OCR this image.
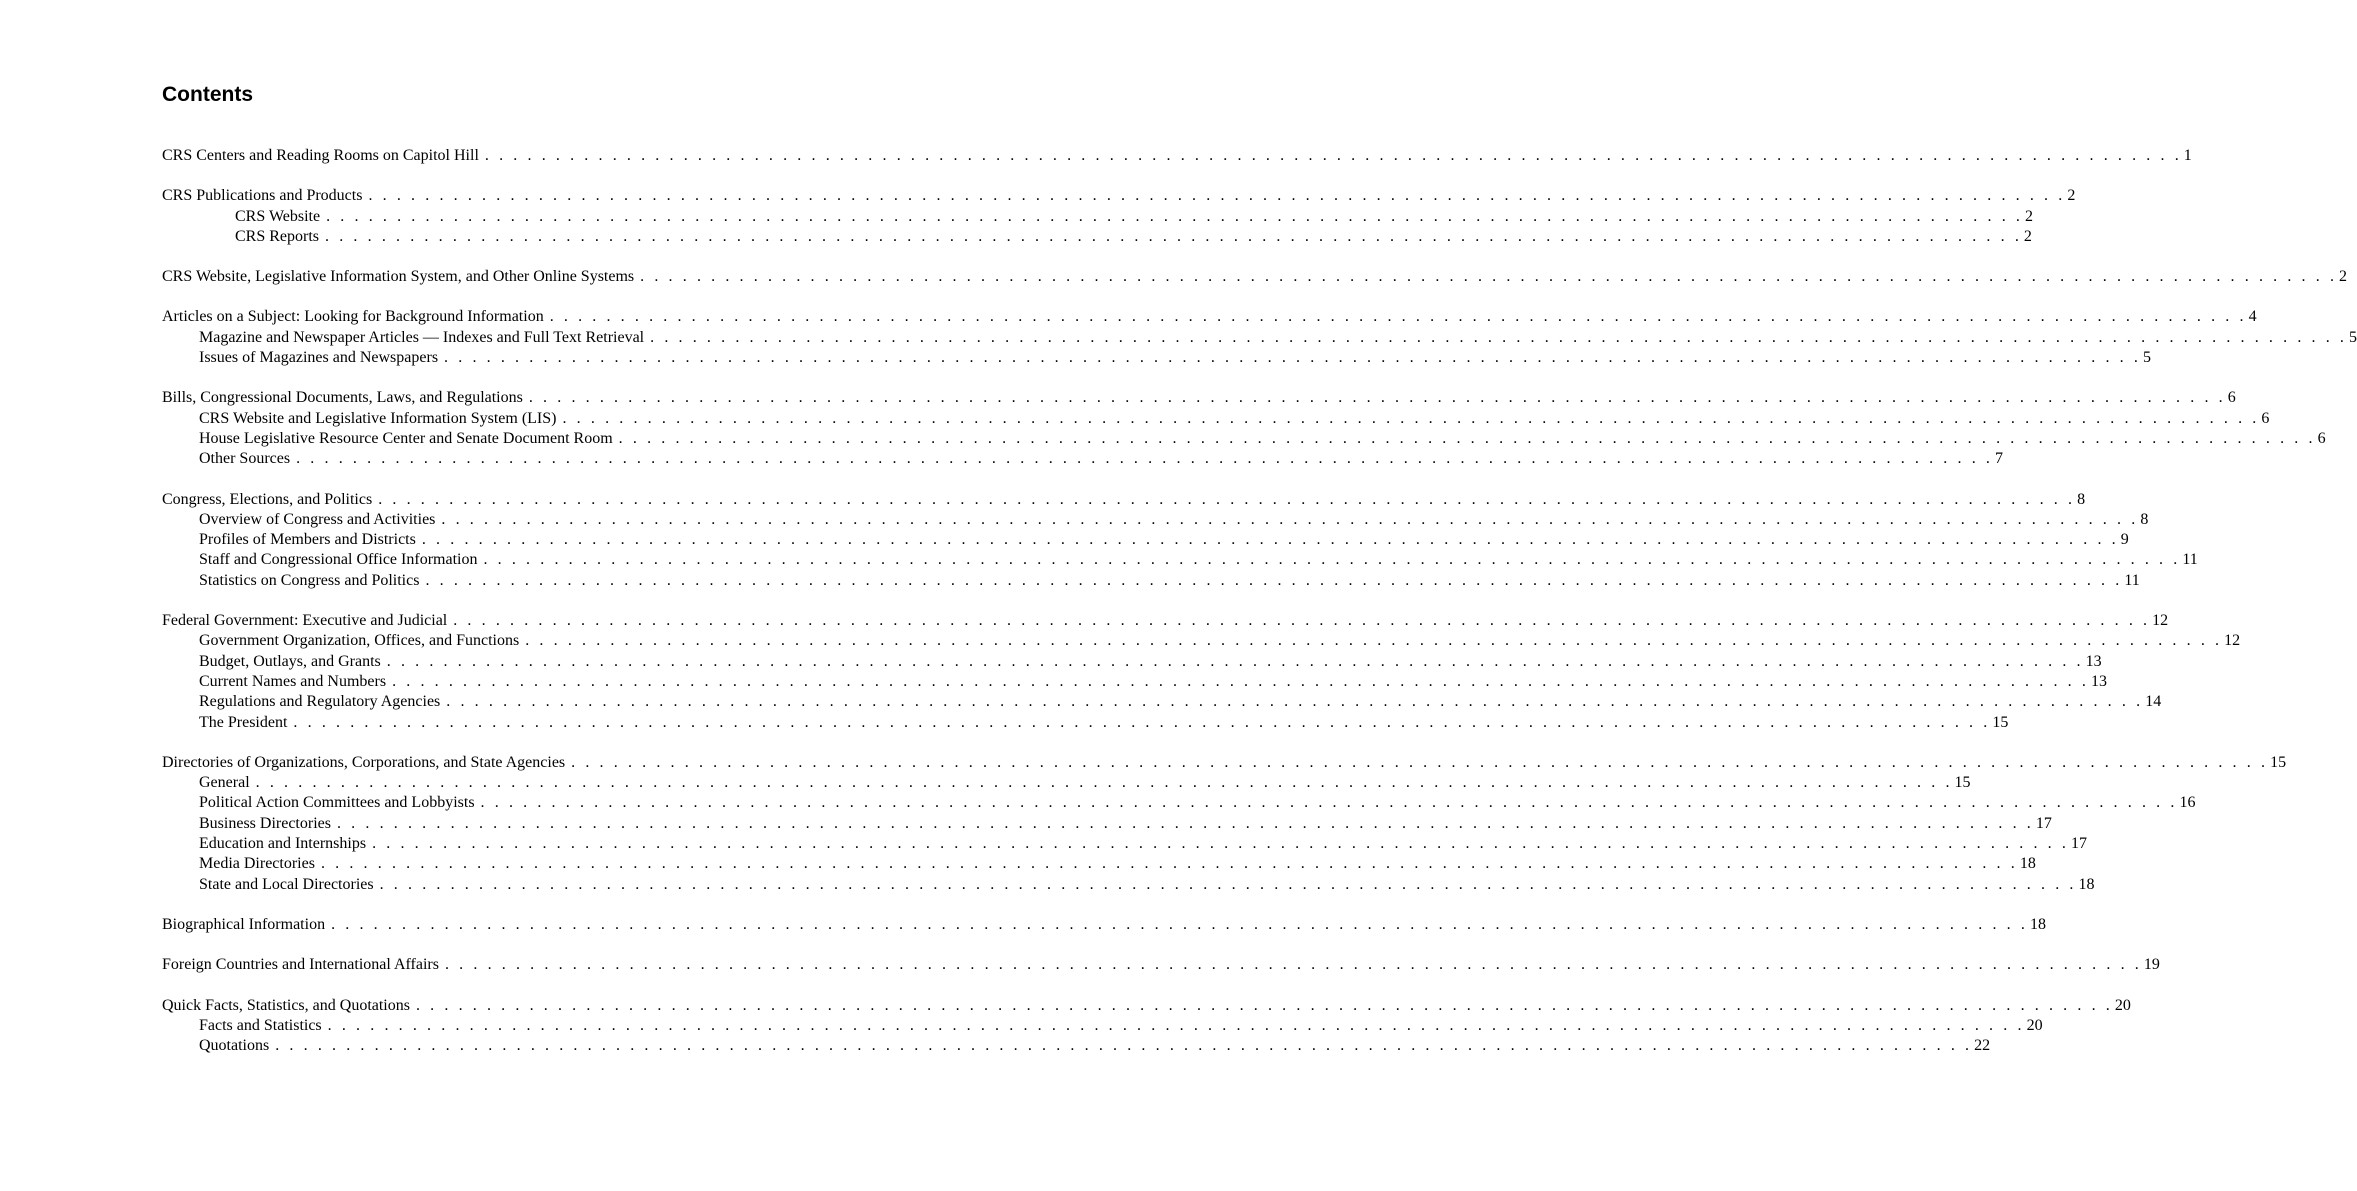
Contents
CRS Centers and Reading Rooms on Capitol Hill . . . . . . . . . . . . . . . . . . . . . . . . . . . . . . . . . . . . . . . . . . . . . . . . . . . . . . . . . . . . . . . . . . . . . . . . . . . . . . . . . . . . . . . . . . . . . . . . . . . . . . . . . . . . . . . . . . . . . . . . 1
CRS Publications and Products . . . . . . . . . . . . . . . . . . . . . . . . . . . . . . . . . . . . . . . . . . . . . . . . . . . . . . . . . . . . . . . . . . . . . . . . . . . . . . . . . . . . . . . . . . . . . . . . . . . . . . . . . . . . . . . . . . . . . . . . 2
CRS Website . . . . . . . . . . . . . . . . . . . . . . . . . . . . . . . . . . . . . . . . . . . . . . . . . . . . . . . . . . . . . . . . . . . . . . . . . . . . . . . . . . . . . . . . . . . . . . . . . . . . . . . . . . . . . . . . . . . . . . . . 2
CRS Reports . . . . . . . . . . . . . . . . . . . . . . . . . . . . . . . . . . . . . . . . . . . . . . . . . . . . . . . . . . . . . . . . . . . . . . . . . . . . . . . . . . . . . . . . . . . . . . . . . . . . . . . . . . . . . . . . . . . . . . . . 2
CRS Website, Legislative Information System, and Other Online Systems . . . . . . . . . . . . . . . . . . . . . . . . . . . . . . . . . . . . . . . . . . . . . . . . . . . . . . . . . . . . . . . . . . . . . . . . . . . . . . . . . . . . . . . . . . . . . . . . . . . . . . . . . . . . . . . . . . . . . . . . 2
Articles on a Subject: Looking for Background Information . . . . . . . . . . . . . . . . . . . . . . . . . . . . . . . . . . . . . . . . . . . . . . . . . . . . . . . . . . . . . . . . . . . . . . . . . . . . . . . . . . . . . . . . . . . . . . . . . . . . . . . . . . . . . . . . . . . . . . . . 4
Magazine and Newspaper Articles — Indexes and Full Text Retrieval . . . . . . . . . . . . . . . . . . . . . . . . . . . . . . . . . . . . . . . . . . . . . . . . . . . . . . . . . . . . . . . . . . . . . . . . . . . . . . . . . . . . . . . . . . . . . . . . . . . . . . . . . . . . . . . . . . . . . . . . 5
Issues of Magazines and Newspapers . . . . . . . . . . . . . . . . . . . . . . . . . . . . . . . . . . . . . . . . . . . . . . . . . . . . . . . . . . . . . . . . . . . . . . . . . . . . . . . . . . . . . . . . . . . . . . . . . . . . . . . . . . . . . . . . . . . . . . . . 5
Bills, Congressional Documents, Laws, and Regulations . . . . . . . . . . . . . . . . . . . . . . . . . . . . . . . . . . . . . . . . . . . . . . . . . . . . . . . . . . . . . . . . . . . . . . . . . . . . . . . . . . . . . . . . . . . . . . . . . . . . . . . . . . . . . . . . . . . . . . . . 6
CRS Website and Legislative Information System (LIS) . . . . . . . . . . . . . . . . . . . . . . . . . . . . . . . . . . . . . . . . . . . . . . . . . . . . . . . . . . . . . . . . . . . . . . . . . . . . . . . . . . . . . . . . . . . . . . . . . . . . . . . . . . . . . . . . . . . . . . . . 6
House Legislative Resource Center and Senate Document Room . . . . . . . . . . . . . . . . . . . . . . . . . . . . . . . . . . . . . . . . . . . . . . . . . . . . . . . . . . . . . . . . . . . . . . . . . . . . . . . . . . . . . . . . . . . . . . . . . . . . . . . . . . . . . . . . . . . . . . . . 6
Other Sources . . . . . . . . . . . . . . . . . . . . . . . . . . . . . . . . . . . . . . . . . . . . . . . . . . . . . . . . . . . . . . . . . . . . . . . . . . . . . . . . . . . . . . . . . . . . . . . . . . . . . . . . . . . . . . . . . . . . . . . . 7
Congress, Elections, and Politics . . . . . . . . . . . . . . . . . . . . . . . . . . . . . . . . . . . . . . . . . . . . . . . . . . . . . . . . . . . . . . . . . . . . . . . . . . . . . . . . . . . . . . . . . . . . . . . . . . . . . . . . . . . . . . . . . . . . . . . . 8
Overview of Congress and Activities . . . . . . . . . . . . . . . . . . . . . . . . . . . . . . . . . . . . . . . . . . . . . . . . . . . . . . . . . . . . . . . . . . . . . . . . . . . . . . . . . . . . . . . . . . . . . . . . . . . . . . . . . . . . . . . . . . . . . . . . 8
Profiles of Members and Districts . . . . . . . . . . . . . . . . . . . . . . . . . . . . . . . . . . . . . . . . . . . . . . . . . . . . . . . . . . . . . . . . . . . . . . . . . . . . . . . . . . . . . . . . . . . . . . . . . . . . . . . . . . . . . . . . . . . . . . . . 9
Staff and Congressional Office Information . . . . . . . . . . . . . . . . . . . . . . . . . . . . . . . . . . . . . . . . . . . . . . . . . . . . . . . . . . . . . . . . . . . . . . . . . . . . . . . . . . . . . . . . . . . . . . . . . . . . . . . . . . . . . . . . . . . . . . . . 11
Statistics on Congress and Politics . . . . . . . . . . . . . . . . . . . . . . . . . . . . . . . . . . . . . . . . . . . . . . . . . . . . . . . . . . . . . . . . . . . . . . . . . . . . . . . . . . . . . . . . . . . . . . . . . . . . . . . . . . . . . . . . . . . . . . . . 11
Federal Government: Executive and Judicial . . . . . . . . . . . . . . . . . . . . . . . . . . . . . . . . . . . . . . . . . . . . . . . . . . . . . . . . . . . . . . . . . . . . . . . . . . . . . . . . . . . . . . . . . . . . . . . . . . . . . . . . . . . . . . . . . . . . . . . . 12
Government Organization, Offices, and Functions . . . . . . . . . . . . . . . . . . . . . . . . . . . . . . . . . . . . . . . . . . . . . . . . . . . . . . . . . . . . . . . . . . . . . . . . . . . . . . . . . . . . . . . . . . . . . . . . . . . . . . . . . . . . . . . . . . . . . . . . 12
Budget, Outlays, and Grants . . . . . . . . . . . . . . . . . . . . . . . . . . . . . . . . . . . . . . . . . . . . . . . . . . . . . . . . . . . . . . . . . . . . . . . . . . . . . . . . . . . . . . . . . . . . . . . . . . . . . . . . . . . . . . . . . . . . . . . . 13
Current Names and Numbers . . . . . . . . . . . . . . . . . . . . . . . . . . . . . . . . . . . . . . . . . . . . . . . . . . . . . . . . . . . . . . . . . . . . . . . . . . . . . . . . . . . . . . . . . . . . . . . . . . . . . . . . . . . . . . . . . . . . . . . . 13
Regulations and Regulatory Agencies . . . . . . . . . . . . . . . . . . . . . . . . . . . . . . . . . . . . . . . . . . . . . . . . . . . . . . . . . . . . . . . . . . . . . . . . . . . . . . . . . . . . . . . . . . . . . . . . . . . . . . . . . . . . . . . . . . . . . . . . 14
The President . . . . . . . . . . . . . . . . . . . . . . . . . . . . . . . . . . . . . . . . . . . . . . . . . . . . . . . . . . . . . . . . . . . . . . . . . . . . . . . . . . . . . . . . . . . . . . . . . . . . . . . . . . . . . . . . . . . . . . . . 15
Directories of Organizations, Corporations, and State Agencies . . . . . . . . . . . . . . . . . . . . . . . . . . . . . . . . . . . . . . . . . . . . . . . . . . . . . . . . . . . . . . . . . . . . . . . . . . . . . . . . . . . . . . . . . . . . . . . . . . . . . . . . . . . . . . . . . . . . . . . . 15
General . . . . . . . . . . . . . . . . . . . . . . . . . . . . . . . . . . . . . . . . . . . . . . . . . . . . . . . . . . . . . . . . . . . . . . . . . . . . . . . . . . . . . . . . . . . . . . . . . . . . . . . . . . . . . . . . . . . . . . . . 15
Political Action Committees and Lobbyists . . . . . . . . . . . . . . . . . . . . . . . . . . . . . . . . . . . . . . . . . . . . . . . . . . . . . . . . . . . . . . . . . . . . . . . . . . . . . . . . . . . . . . . . . . . . . . . . . . . . . . . . . . . . . . . . . . . . . . . . 16
Business Directories . . . . . . . . . . . . . . . . . . . . . . . . . . . . . . . . . . . . . . . . . . . . . . . . . . . . . . . . . . . . . . . . . . . . . . . . . . . . . . . . . . . . . . . . . . . . . . . . . . . . . . . . . . . . . . . . . . . . . . . . 17
Education and Internships . . . . . . . . . . . . . . . . . . . . . . . . . . . . . . . . . . . . . . . . . . . . . . . . . . . . . . . . . . . . . . . . . . . . . . . . . . . . . . . . . . . . . . . . . . . . . . . . . . . . . . . . . . . . . . . . . . . . . . . . 17
Media Directories . . . . . . . . . . . . . . . . . . . . . . . . . . . . . . . . . . . . . . . . . . . . . . . . . . . . . . . . . . . . . . . . . . . . . . . . . . . . . . . . . . . . . . . . . . . . . . . . . . . . . . . . . . . . . . . . . . . . . . . . 18
State and Local Directories . . . . . . . . . . . . . . . . . . . . . . . . . . . . . . . . . . . . . . . . . . . . . . . . . . . . . . . . . . . . . . . . . . . . . . . . . . . . . . . . . . . . . . . . . . . . . . . . . . . . . . . . . . . . . . . . . . . . . . . . 18
Biographical Information . . . . . . . . . . . . . . . . . . . . . . . . . . . . . . . . . . . . . . . . . . . . . . . . . . . . . . . . . . . . . . . . . . . . . . . . . . . . . . . . . . . . . . . . . . . . . . . . . . . . . . . . . . . . . . . . . . . . . . . . 18
Foreign Countries and International Affairs . . . . . . . . . . . . . . . . . . . . . . . . . . . . . . . . . . . . . . . . . . . . . . . . . . . . . . . . . . . . . . . . . . . . . . . . . . . . . . . . . . . . . . . . . . . . . . . . . . . . . . . . . . . . . . . . . . . . . . . . 19
Quick Facts, Statistics, and Quotations . . . . . . . . . . . . . . . . . . . . . . . . . . . . . . . . . . . . . . . . . . . . . . . . . . . . . . . . . . . . . . . . . . . . . . . . . . . . . . . . . . . . . . . . . . . . . . . . . . . . . . . . . . . . . . . . . . . . . . . . 20
Facts and Statistics . . . . . . . . . . . . . . . . . . . . . . . . . . . . . . . . . . . . . . . . . . . . . . . . . . . . . . . . . . . . . . . . . . . . . . . . . . . . . . . . . . . . . . . . . . . . . . . . . . . . . . . . . . . . . . . . . . . . . . . . 20
Quotations . . . . . . . . . . . . . . . . . . . . . . . . . . . . . . . . . . . . . . . . . . . . . . . . . . . . . . . . . . . . . . . . . . . . . . . . . . . . . . . . . . . . . . . . . . . . . . . . . . . . . . . . . . . . . . . . . . . . . . . . 22
